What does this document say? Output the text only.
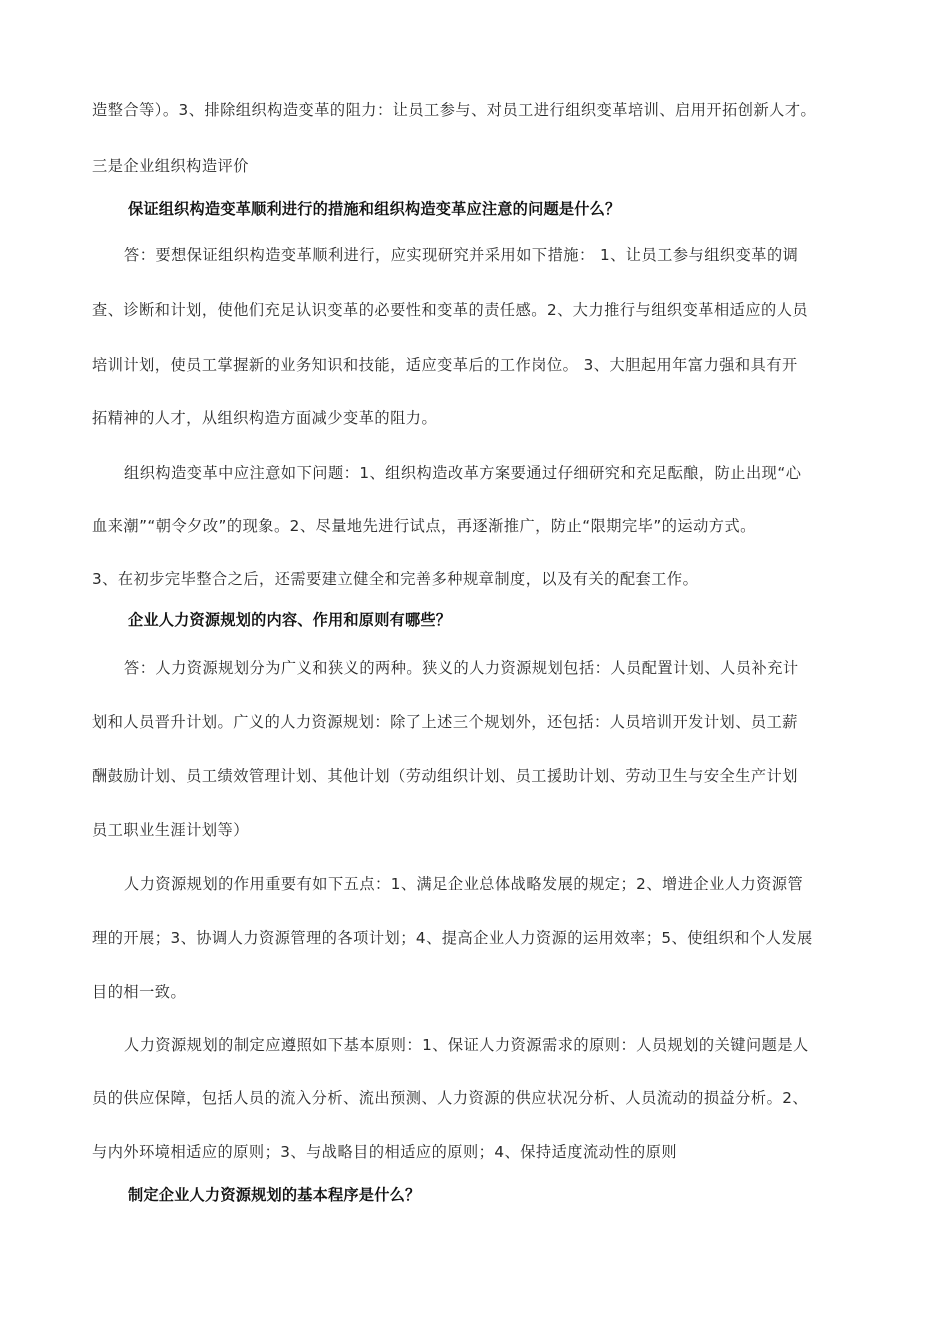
造整合等）。3、排除组织构造变革的阻力：让员工参与、对员工进行组织变革培训、启用开拓创新人才。
三是企业组织构造评价
保证组织构造变革顺利进行的措施和组织构造变革应注意的问题是什么？
答：要想保证组织构造变革顺利进行，应实现研究并采用如下措施： 1、让员工参与组织变革的调
查、诊断和计划，使他们充足认识变革的必要性和变革的责任感。2、大力推行与组织变革相适应的人员
培训计划，使员工掌握新的业务知识和技能，适应变革后的工作岗位。 3、大胆起用年富力强和具有开
拓精神的人才，从组织构造方面减少变革的阻力。
组织构造变革中应注意如下问题：1、组织构造改革方案要通过仔细研究和充足酝酿，防止出现“心
血来潮”“朝令夕改”的现象。2、尽量地先进行试点，再逐渐推广，防止“限期完毕”的运动方式。
3、在初步完毕整合之后，还需要建立健全和完善多种规章制度，以及有关的配套工作。
企业人力资源规划的内容、作用和原则有哪些？
答：人力资源规划分为广义和狭义的两种。狭义的人力资源规划包括：人员配置计划、人员补充计
划和人员晋升计划。广义的人力资源规划：除了上述三个规划外，还包括：人员培训开发计划、员工薪
酬鼓励计划、员工绩效管理计划、其他计划（劳动组织计划、员工援助计划、劳动卫生与安全生产计划
员工职业生涯计划等）
人力资源规划的作用重要有如下五点：1、满足企业总体战略发展的规定；2、增进企业人力资源管
理的开展；3、协调人力资源管理的各项计划；4、提高企业人力资源的运用效率；5、使组织和个人发展
目的相一致。
人力资源规划的制定应遵照如下基本原则：1、保证人力资源需求的原则：人员规划的关键问题是人
员的供应保障，包括人员的流入分析、流出预测、人力资源的供应状况分析、人员流动的损益分析。2、
与内外环境相适应的原则；3、与战略目的相适应的原则；4、保持适度流动性的原则
制定企业人力资源规划的基本程序是什么？
